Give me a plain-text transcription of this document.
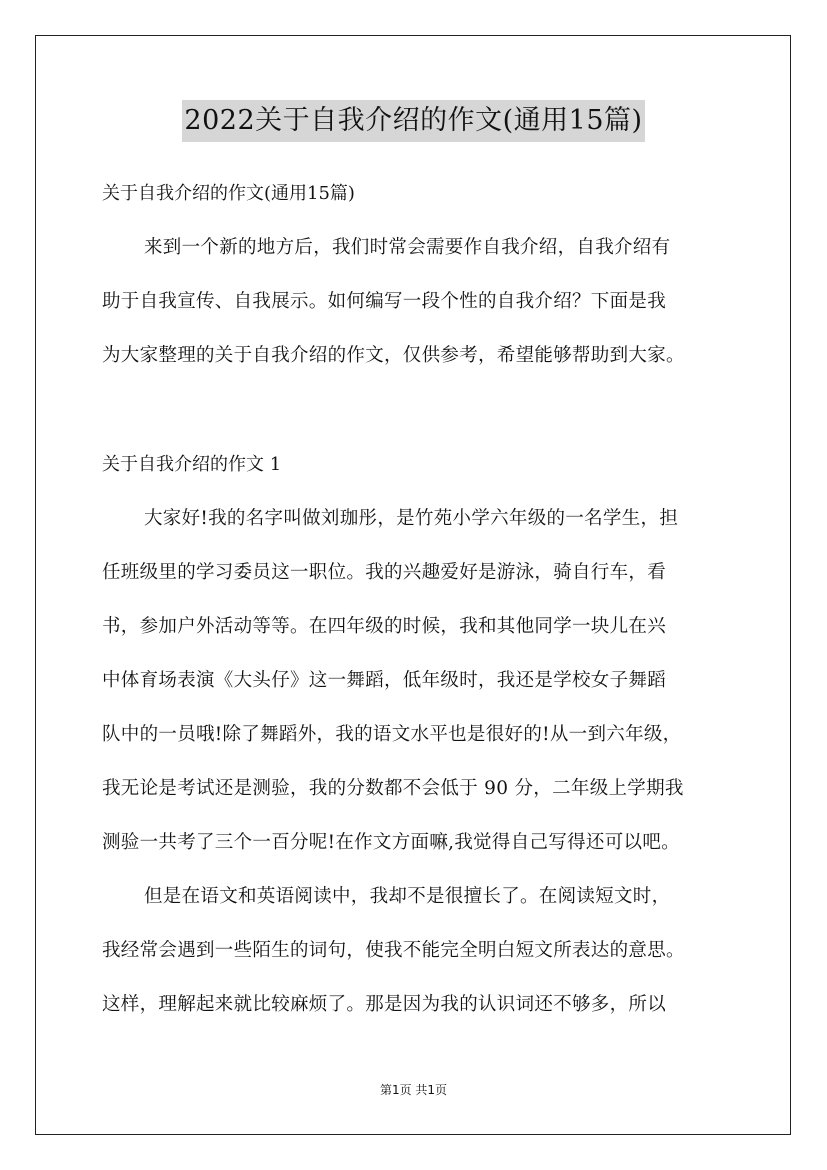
2022关于自我介绍的作文(通用15篇)
关于自我介绍的作文(通用15篇)
来到一个新的地方后，我们时常会需要作自我介绍，自我介绍有
助于自我宣传、自我展示。如何编写一段个性的自我介绍？下面是我
为大家整理的关于自我介绍的作文，仅供参考，希望能够帮助到大家。
关于自我介绍的作文 1
大家好!我的名字叫做刘珈彤，是竹苑小学六年级的一名学生，担
任班级里的学习委员这一职位。我的兴趣爱好是游泳，骑自行车，看
书，参加户外活动等等。在四年级的时候，我和其他同学一块儿在兴
中体育场表演《大头仔》这一舞蹈，低年级时，我还是学校女子舞蹈
队中的一员哦!除了舞蹈外，我的语文水平也是很好的!从一到六年级，
我无论是考试还是测验，我的分数都不会低于 90 分，二年级上学期我
测验一共考了三个一百分呢!在作文方面嘛,我觉得自己写得还可以吧。
但是在语文和英语阅读中，我却不是很擅长了。在阅读短文时，
我经常会遇到一些陌生的词句，使我不能完全明白短文所表达的意思。
这样，理解起来就比较麻烦了。那是因为我的认识词还不够多，所以
第1页 共1页
